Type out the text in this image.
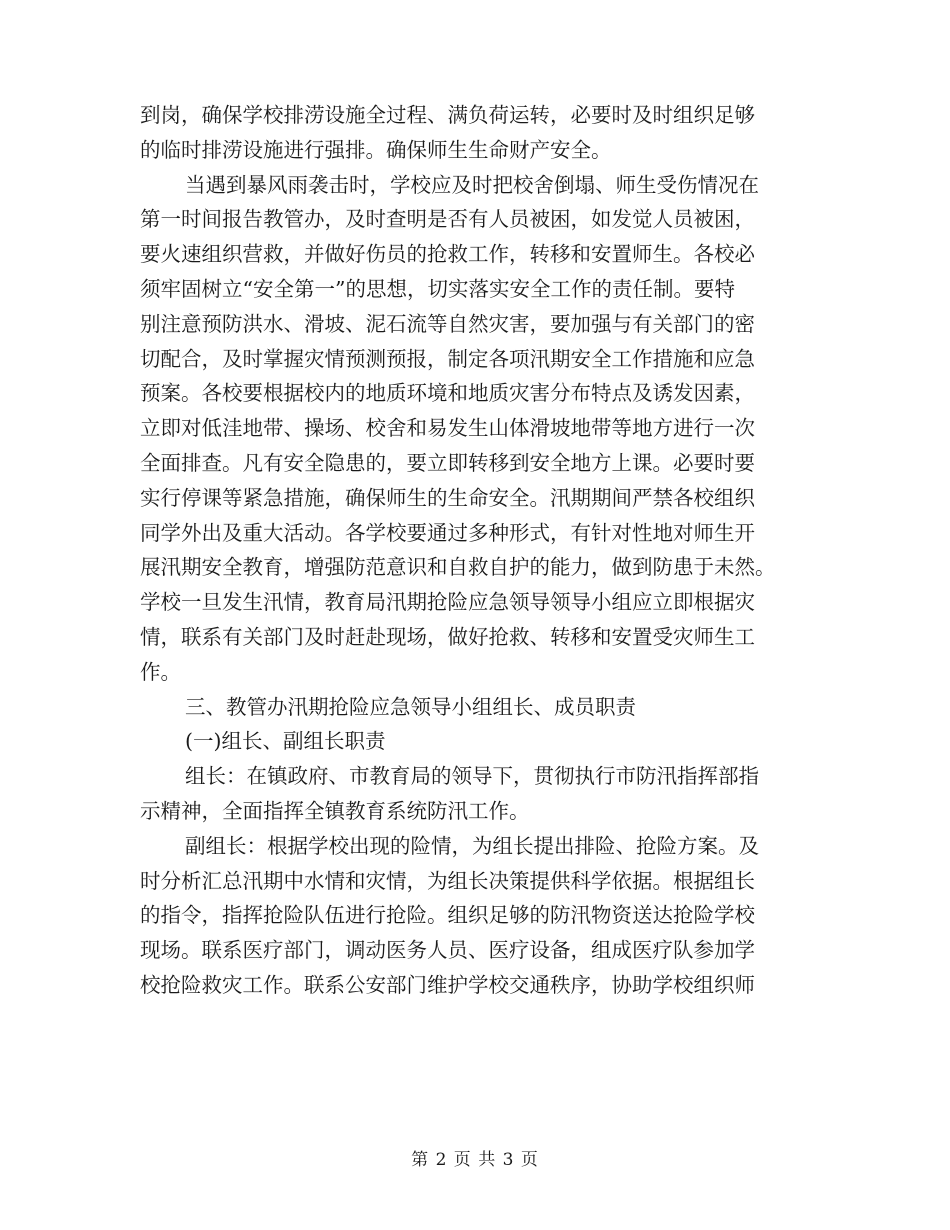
到岗，确保学校排涝设施全过程、满负荷运转，必要时及时组织足够
的临时排涝设施进行强排。确保师生生命财产安全。
当遇到暴风雨袭击时，学校应及时把校舍倒塌、师生受伤情况在
第一时间报告教管办，及时查明是否有人员被困，如发觉人员被困，
要火速组织营救，并做好伤员的抢救工作，转移和安置师生。各校必
须牢固树立“安全第一”的思想，切实落实安全工作的责任制。要特
别注意预防洪水、滑坡、泥石流等自然灾害，要加强与有关部门的密
切配合，及时掌握灾情预测预报，制定各项汛期安全工作措施和应急
预案。各校要根据校内的地质环境和地质灾害分布特点及诱发因素，
立即对低洼地带、操场、校舍和易发生山体滑坡地带等地方进行一次
全面排查。凡有安全隐患的，要立即转移到安全地方上课。必要时要
实行停课等紧急措施，确保师生的生命安全。汛期期间严禁各校组织
同学外出及重大活动。各学校要通过多种形式，有针对性地对师生开
展汛期安全教育，增强防范意识和自救自护的能力，做到防患于未然。
学校一旦发生汛情，教育局汛期抢险应急领导领导小组应立即根据灾
情，联系有关部门及时赶赴现场，做好抢救、转移和安置受灾师生工
作。
三、教管办汛期抢险应急领导小组组长、成员职责
(一)组长、副组长职责
组长：在镇政府、市教育局的领导下，贯彻执行市防汛指挥部指
示精神，全面指挥全镇教育系统防汛工作。
副组长：根据学校出现的险情，为组长提出排险、抢险方案。及
时分析汇总汛期中水情和灾情，为组长决策提供科学依据。根据组长
的指令，指挥抢险队伍进行抢险。组织足够的防汛物资送达抢险学校
现场。联系医疗部门，调动医务人员、医疗设备，组成医疗队参加学
校抢险救灾工作。联系公安部门维护学校交通秩序，协助学校组织师
第 2 页 共 3 页
